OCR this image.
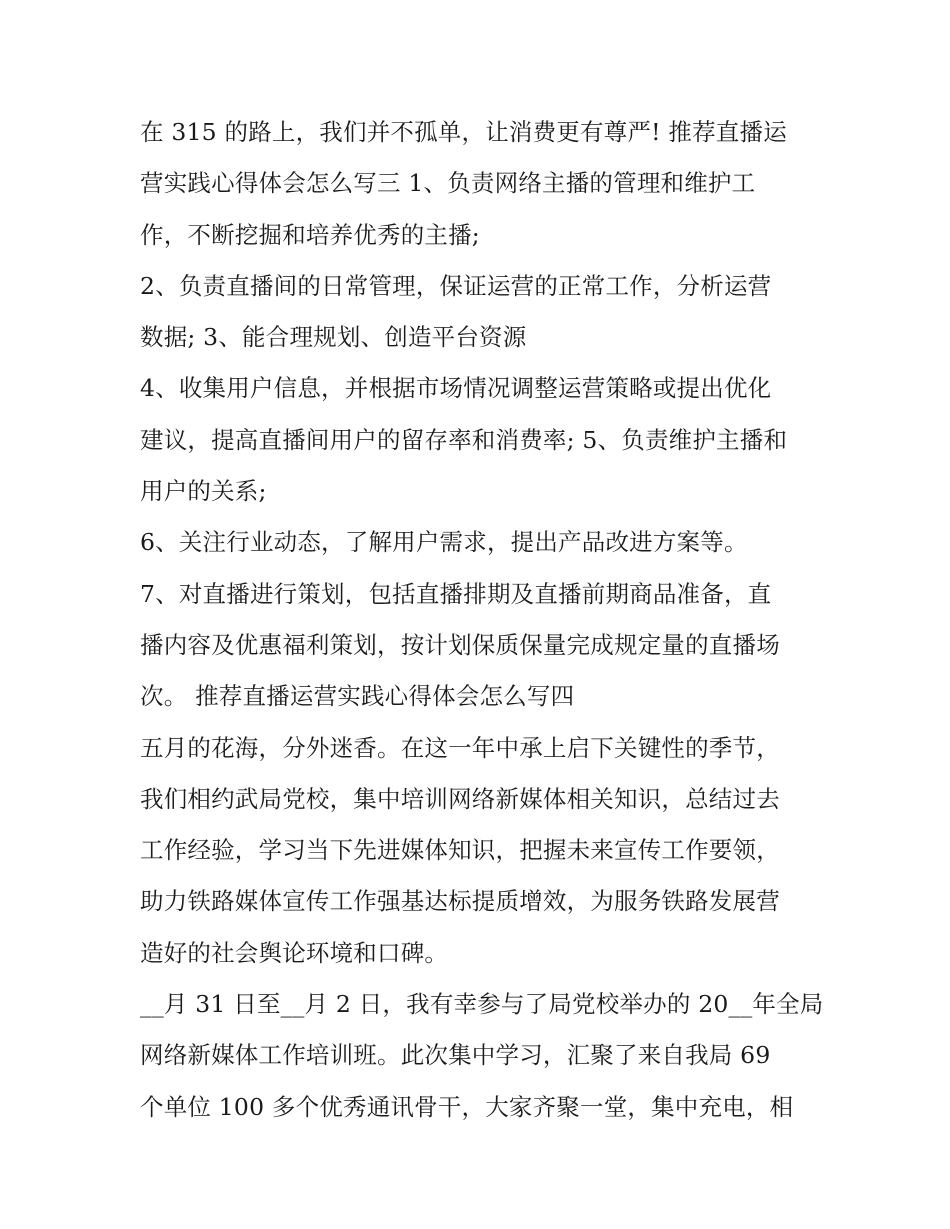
在 315 的路上，我们并不孤单，让消费更有尊严! 推荐直播运

营实践心得体会怎么写三 1、负责网络主播的管理和维护工

作，不断挖掘和培养优秀的主播;

2、负责直播间的日常管理，保证运营的正常工作，分析运营

数据; 3、能合理规划、创造平台资源

4、收集用户信息，并根据市场情况调整运营策略或提出优化

建议，提高直播间用户的留存率和消费率; 5、负责维护主播和

用户的关系;

6、关注行业动态，了解用户需求，提出产品改进方案等。

7、对直播进行策划，包括直播排期及直播前期商品准备，直

播内容及优惠福利策划，按计划保质保量完成规定量的直播场

次。 推荐直播运营实践心得体会怎么写四

五月的花海，分外迷香。在这一年中承上启下关键性的季节，

我们相约武局党校，集中培训网络新媒体相关知识，总结过去

工作经验，学习当下先进媒体知识，把握未来宣传工作要领，

助力铁路媒体宣传工作强基达标提质增效，为服务铁路发展营

造好的社会舆论环境和口碑。

__月 31 日至__月 2 日，我有幸参与了局党校举办的 20__年全局

网络新媒体工作培训班。此次集中学习，汇聚了来自我局 69

个单位 100 多个优秀通讯骨干，大家齐聚一堂，集中充电，相
